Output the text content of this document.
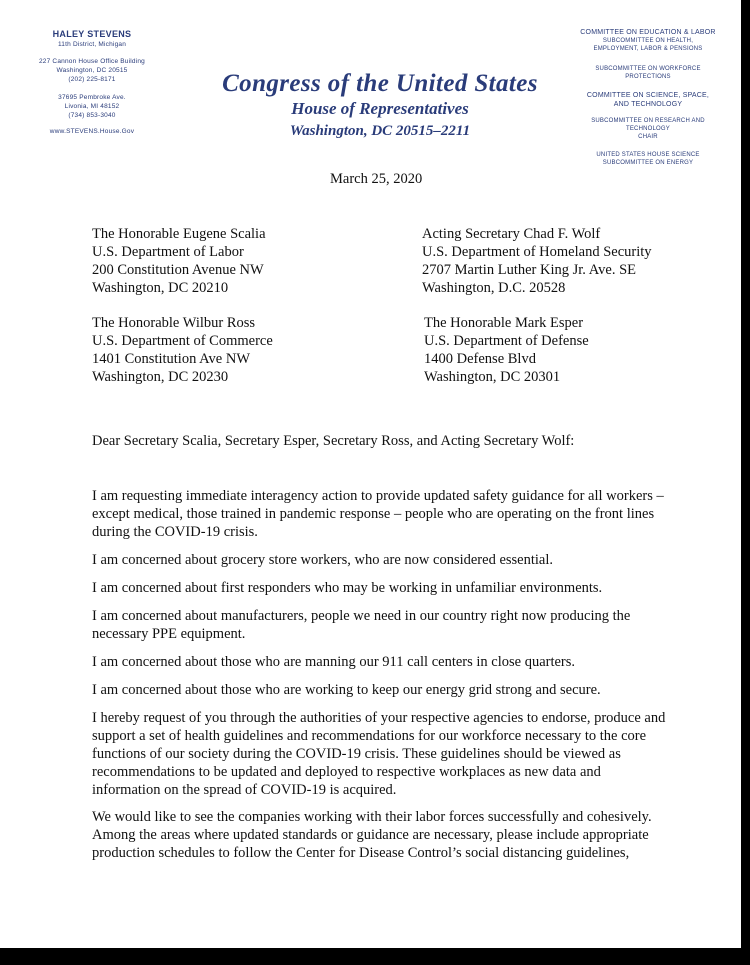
HALEY STEVENS
11th District, Michigan
227 Cannon House Office Building
Washington, DC 20515
(202) 225-8171
37695 Pembroke Ave.
Livonia, MI 48152
(734) 853-3040
www.STEVENS.House.Gov
Congress of the United States
House of Representatives
Washington, DC 20515–2211
COMMITTEE ON EDUCATION & LABOR
SUBCOMMITTEE ON HEALTH,
EMPLOYMENT, LABOR & PENSIONS
SUBCOMMITTEE ON WORKFORCE
PROTECTIONS
COMMITTEE ON SCIENCE, SPACE,
AND TECHNOLOGY
SUBCOMMITTEE ON RESEARCH AND
TECHNOLOGY
CHAIR
UNITED STATES HOUSE SCIENCE
SUBCOMMITTEE ON ENERGY
March 25, 2020
The Honorable Eugene Scalia
U.S. Department of Labor
200 Constitution Avenue NW
Washington, DC 20210
Acting Secretary Chad F. Wolf
U.S. Department of Homeland Security
2707 Martin Luther King Jr. Ave. SE
Washington, D.C. 20528
The Honorable Wilbur Ross
U.S. Department of Commerce
1401 Constitution Ave NW
Washington, DC 20230
The Honorable Mark Esper
U.S. Department of Defense
1400 Defense Blvd
Washington, DC 20301
Dear Secretary Scalia, Secretary Esper, Secretary Ross, and Acting Secretary Wolf:
I am requesting immediate interagency action to provide updated safety guidance for all workers – except medical, those trained in pandemic response – people who are operating on the front lines during the COVID-19 crisis.
I am concerned about grocery store workers, who are now considered essential.
I am concerned about first responders who may be working in unfamiliar environments.
I am concerned about manufacturers, people we need in our country right now producing the necessary PPE equipment.
I am concerned about those who are manning our 911 call centers in close quarters.
I am concerned about those who are working to keep our energy grid strong and secure.
I hereby request of you through the authorities of your respective agencies to endorse, produce and support a set of health guidelines and recommendations for our workforce necessary to the core functions of our society during the COVID-19 crisis. These guidelines should be viewed as recommendations to be updated and deployed to respective workplaces as new data and information on the spread of COVID-19 is acquired.
We would like to see the companies working with their labor forces successfully and cohesively. Among the areas where updated standards or guidance are necessary, please include appropriate production schedules to follow the Center for Disease Control’s social distancing guidelines,
